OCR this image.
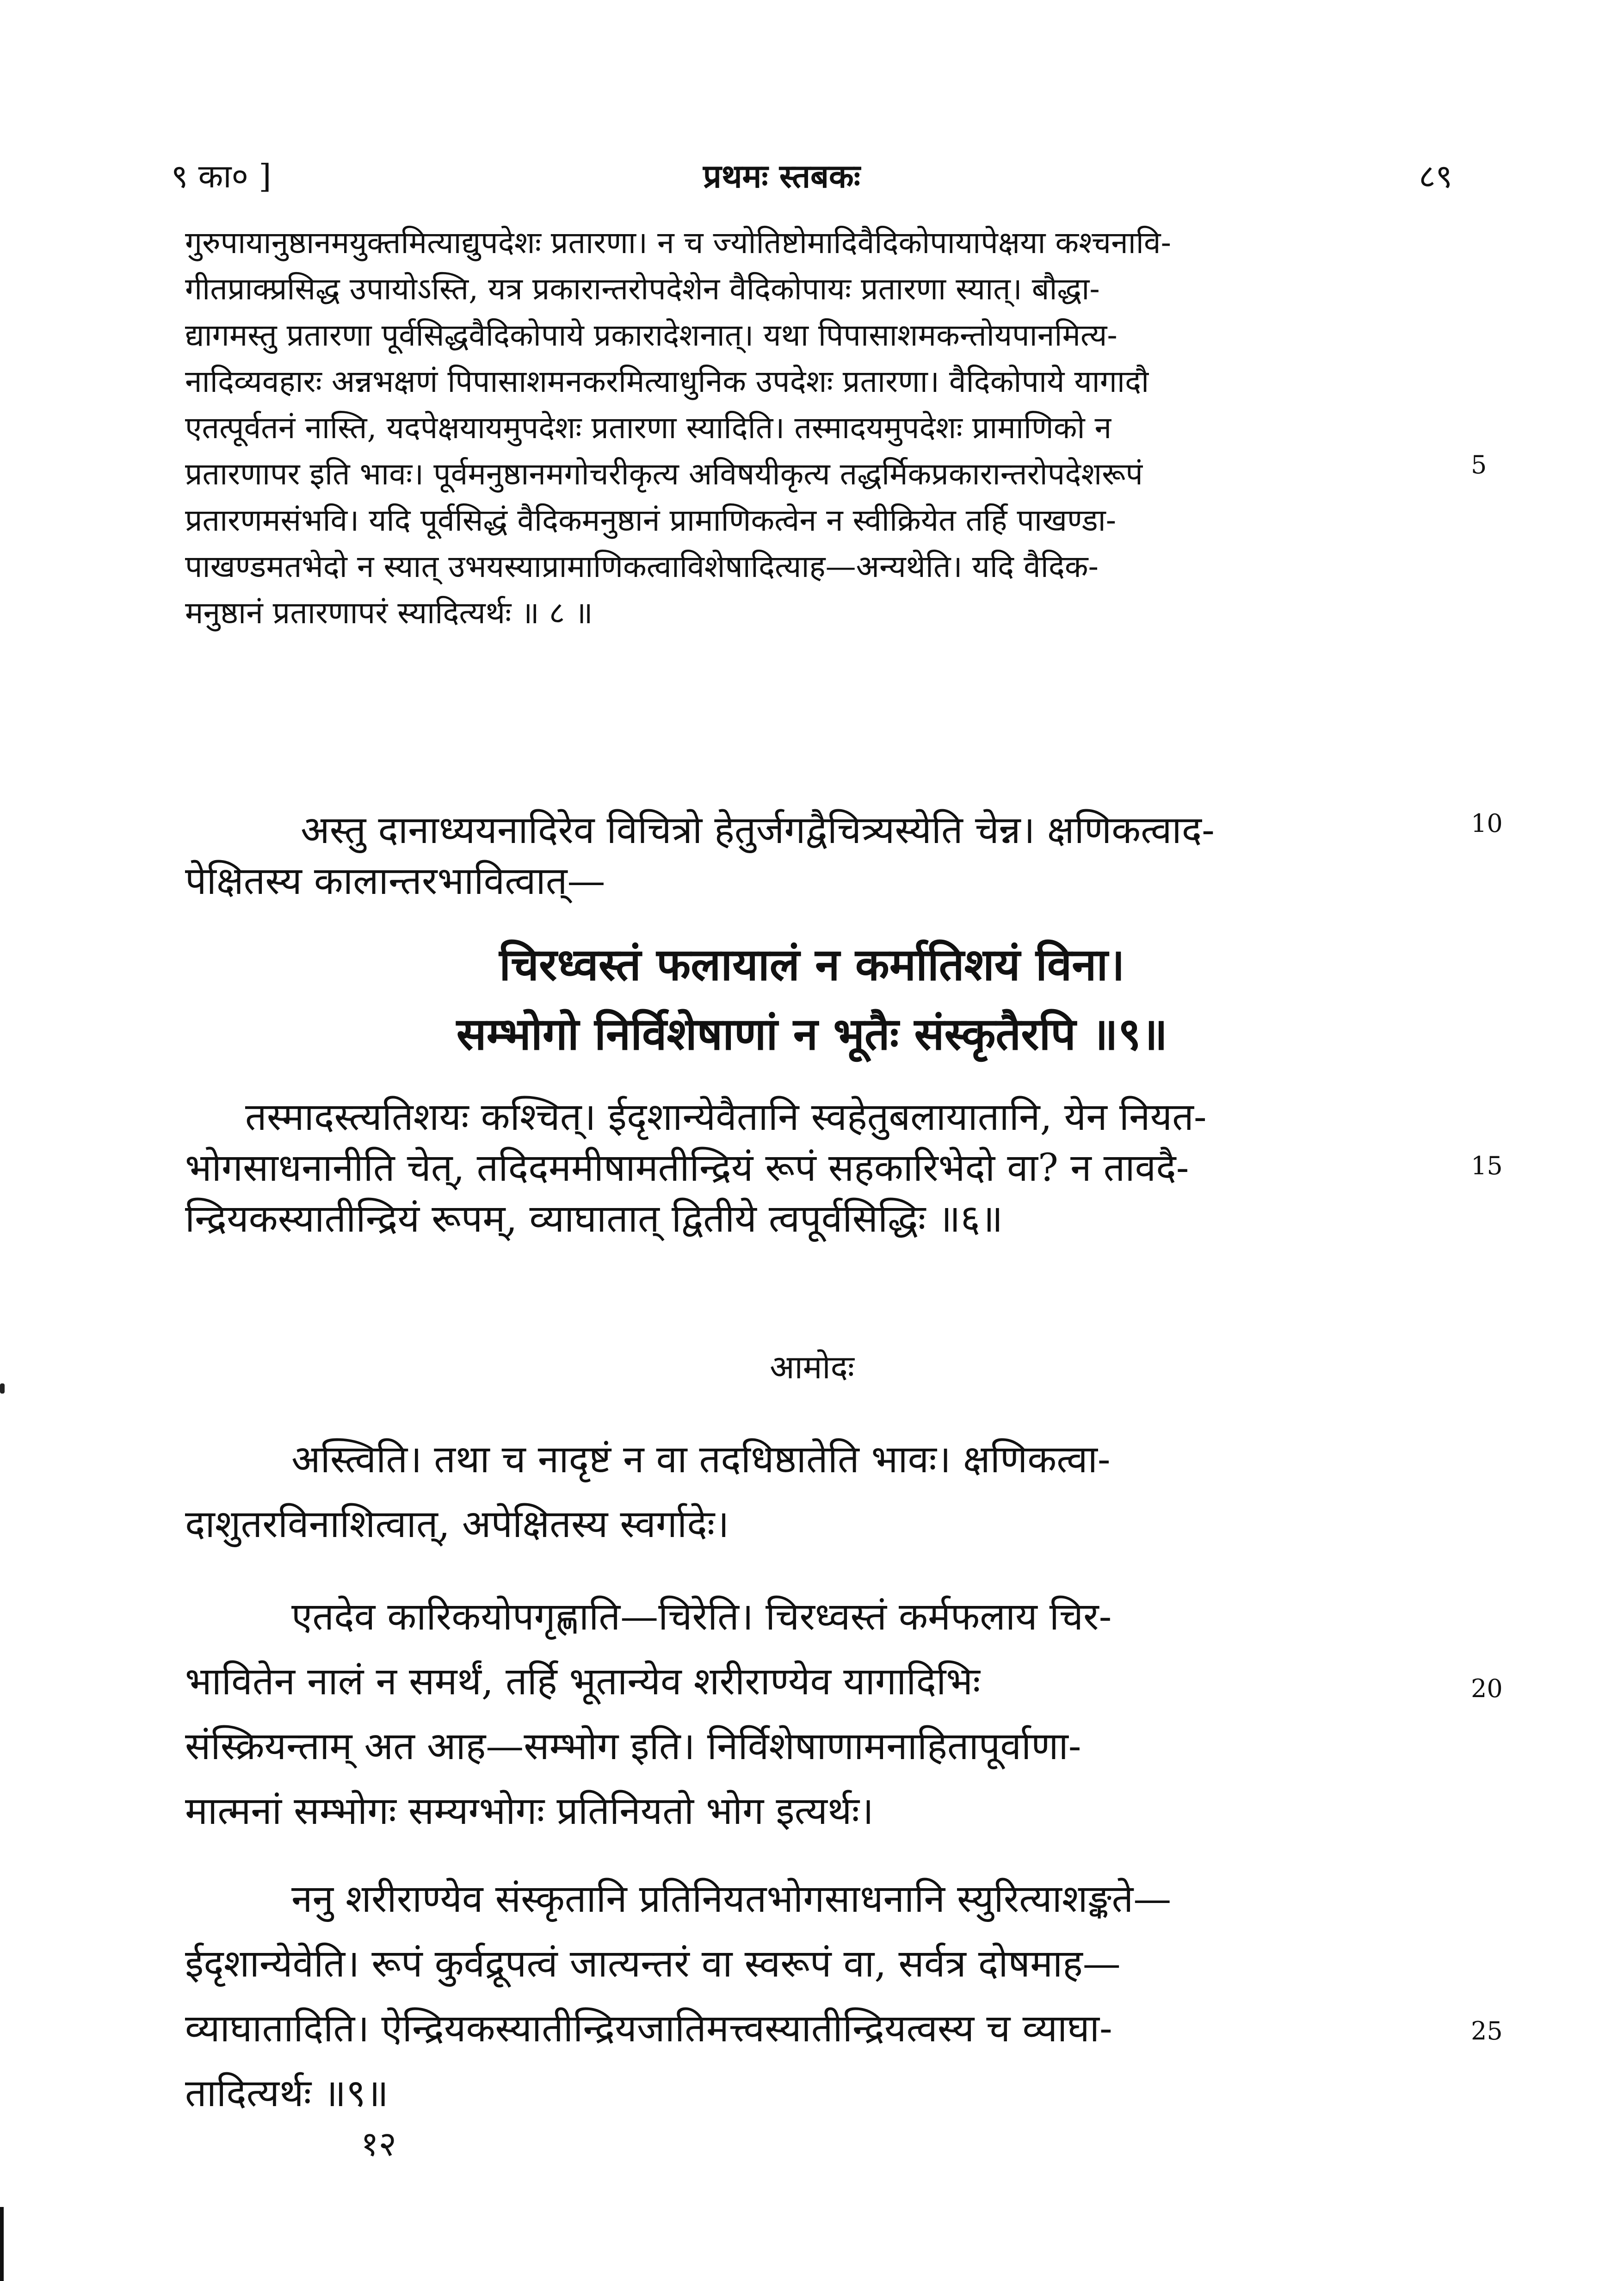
९ का० ]	प्रथमः स्तबकः	८९
गुरुपायानुष्ठानमयुक्तमित्याद्युपदेशः प्रतारणा। न च ज्योतिष्टोमादिवैदिकोपायापेक्षया कश्चनावि-
गीतप्राक्प्रसिद्ध उपायोऽस्ति, यत्र प्रकारान्तरोपदेशेन वैदिकोपायः प्रतारणा स्यात्। बौद्धा-
द्यागमस्तु प्रतारणा पूर्वसिद्धवैदिकोपाये प्रकारादेशनात्। यथा पिपासाशमकन्तोयपानमित्य-
नादिव्यवहारः अन्नभक्षणं पिपासाशमनकरमित्याधुनिक उपदेशः प्रतारणा। वैदिकोपाये यागादौ
एतत्पूर्वतनं नास्ति, यदपेक्षयायमुपदेशः प्रतारणा स्यादिति। तस्मादयमुपदेशः प्रामाणिको न
प्रतारणापर इति भावः। पूर्वमनुष्ठानमगोचरीकृत्य अविषयीकृत्य तद्धर्मिकप्रकारान्तरोपदेशरूपं
प्रतारणमसंभवि। यदि पूर्वसिद्धं वैदिकमनुष्ठानं प्रामाणिकत्वेन न स्वीक्रियेत तर्हि पाखण्डा-
पाखण्डमतभेदो न स्यात् उभयस्याप्रामाणिकत्वाविशेषादित्याह—अन्यथेति। यदि वैदिक-
मनुष्ठानं प्रतारणापरं स्यादित्यर्थः ॥ ८ ॥
अस्तु दानाध्ययनादिरेव विचित्रो हेतुर्जगद्वैचित्र्यस्येति चेन्न। क्षणिकत्वाद-
पेक्षितस्य कालान्तरभावित्वात्—
चिरध्वस्तं फलायालं न कर्मातिशयं विना।
सम्भोगो निर्विशेषाणां न भूतैः संस्कृतैरपि ॥९॥
तस्मादस्त्यतिशयः कश्चित्। ईदृशान्येवैतानि स्वहेतुबलायातानि, येन नियत-
भोगसाधनानीति चेत्, तदिदममीषामतीन्द्रियं रूपं सहकारिभेदो वा? न तावदै-
न्द्रियकस्यातीन्द्रियं रूपम्, व्याघातात् द्वितीये त्वपूर्वसिद्धिः ॥६॥
आमोदः
अस्त्विति। तथा च नादृष्टं न वा तदधिष्ठातेति भावः। क्षणिकत्वा-
दाशुतरविनाशित्वात्, अपेक्षितस्य स्वर्गादेः।
एतदेव कारिकयोपगृह्णाति—चिरेति। चिरध्वस्तं कर्मफलाय चिर-
भावितेन नालं न समर्थं, तर्हि भूतान्येव शरीराण्येव यागादिभिः
संस्क्रियन्ताम् अत आह—सम्भोग इति। निर्विशेषाणामनाहितापूर्वाणा-
मात्मनां सम्भोगः सम्यग्भोगः प्रतिनियतो भोग इत्यर्थः।
ननु शरीराण्येव संस्कृतानि प्रतिनियतभोगसाधनानि स्युरित्याशङ्कते—
ईदृशान्येवेति। रूपं कुर्वद्रूपत्वं जात्यन्तरं वा स्वरूपं वा, सर्वत्र दोषमाह—
व्याघातादिति। ऐन्द्रियकस्यातीन्द्रियजातिमत्त्वस्यातीन्द्रियत्वस्य च व्याघा-
तादित्यर्थः ॥९॥
5
10
15
20
25
१२
